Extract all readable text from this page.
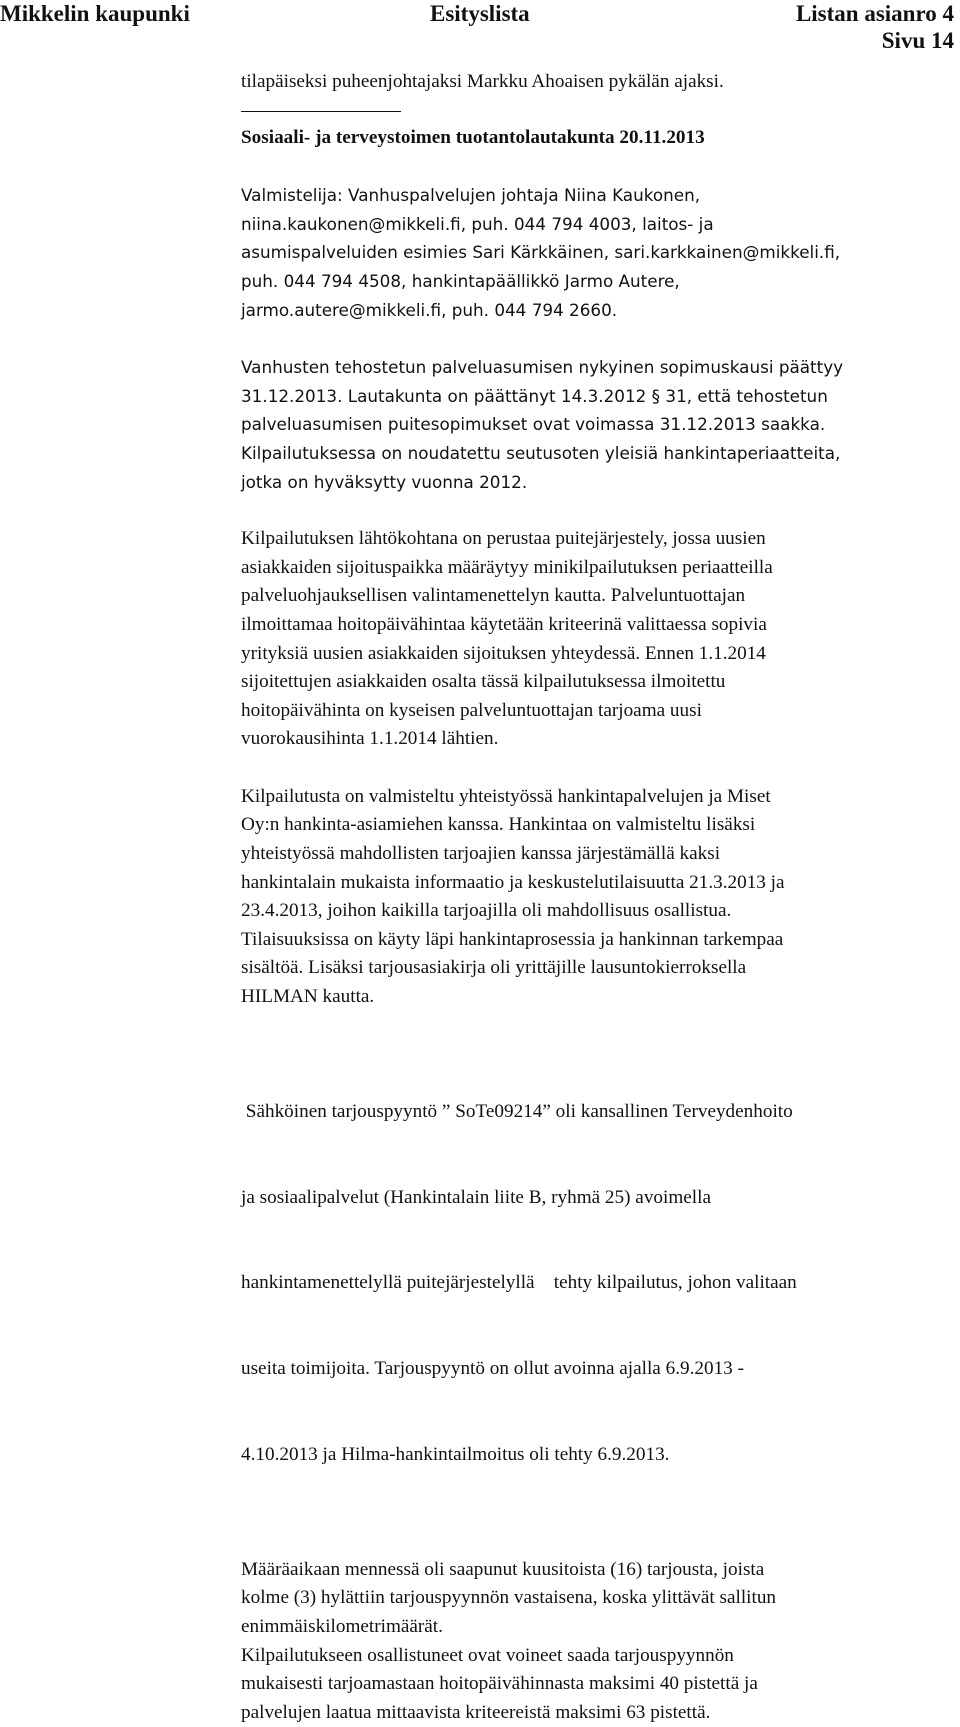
Mikkelin kaupunki	Esityslista	Listan asianro 4
Sivu 14

tilapäiseksi puheenjohtajaksi Markku Ahoaisen pykälän ajaksi.

Sosiaali- ja terveystoimen tuotantolautakunta 20.11.2013

Valmistelija: Vanhuspalvelujen johtaja Niina Kaukonen,

niina.kaukonen@mikkeli.fi, puh. 044 794 4003, laitos- ja

asumispalveluiden esimies Sari Kärkkäinen, sari.karkkainen@mikkeli.fi,

puh. 044 794 4508, hankintapäällikkö Jarmo Autere,

jarmo.autere@mikkeli.fi, puh. 044 794 2660.

Vanhusten tehostetun palveluasumisen nykyinen sopimuskausi päättyy

31.12.2013. Lautakunta on päättänyt 14.3.2012 § 31, että tehostetun

palveluasumisen puitesopimukset ovat voimassa 31.12.2013 saakka.

Kilpailutuksessa on noudatettu seutusoten yleisiä hankintaperiaatteita,

jotka on hyväksytty vuonna 2012.

Kilpailutuksen lähtökohtana on perustaa puitejärjestely, jossa uusien

asiakkaiden sijoituspaikka määräytyy minikilpailutuksen periaatteilla

palveluohjauksellisen valintamenettelyn kautta. Palveluntuottajan

ilmoittamaa hoitopäivähintaa käytetään kriteerinä valittaessa sopivia

yrityksiä uusien asiakkaiden sijoituksen yhteydessä. Ennen 1.1.2014

sijoitettujen asiakkaiden osalta tässä kilpailutuksessa ilmoitettu

hoitopäivähinta on kyseisen palveluntuottajan tarjoama uusi

vuorokausihinta 1.1.2014 lähtien.

Kilpailutusta on valmisteltu yhteistyössä hankintapalvelujen ja Miset

Oy:n hankinta-asiamiehen kanssa. Hankintaa on valmisteltu lisäksi

yhteistyössä mahdollisten tarjoajien kanssa järjestämällä kaksi

hankintalain mukaista informaatio ja keskustelutilaisuutta 21.3.2013 ja

23.4.2013, joihon kaikilla tarjoajilla oli mahdollisuus osallistua.

Tilaisuuksissa on käyty läpi hankintaprosessia ja hankinnan tarkempaa

sisältöä. Lisäksi tarjousasiakirja oli yrittäjille lausuntokierroksella

HILMAN kautta.

Sähköinen tarjouspyyntö ” SoTe09214” oli kansallinen Terveydenhoito

ja sosiaalipalvelut (Hankintalain liite B, ryhmä 25) avoimella

hankintamenettelyllä puitejärjestelyllä    tehty kilpailutus, johon valitaan

useita toimijoita. Tarjouspyyntö on ollut avoinna ajalla 6.9.2013 -

4.10.2013 ja Hilma-hankintailmoitus oli tehty 6.9.2013.

Määräaikaan mennessä oli saapunut kuusitoista (16) tarjousta, joista

kolme (3) hylättiin tarjouspyynnön vastaisena, koska ylittävät sallitun

enimmäiskilometrimäärät.

Kilpailutukseen osallistuneet ovat voineet saada tarjouspyynnön

mukaisesti tarjoamastaan hoitopäivähinnasta maksimi 40 pistettä ja

palvelujen laatua mittaavista kriteereistä maksimi 63 pistettä.
